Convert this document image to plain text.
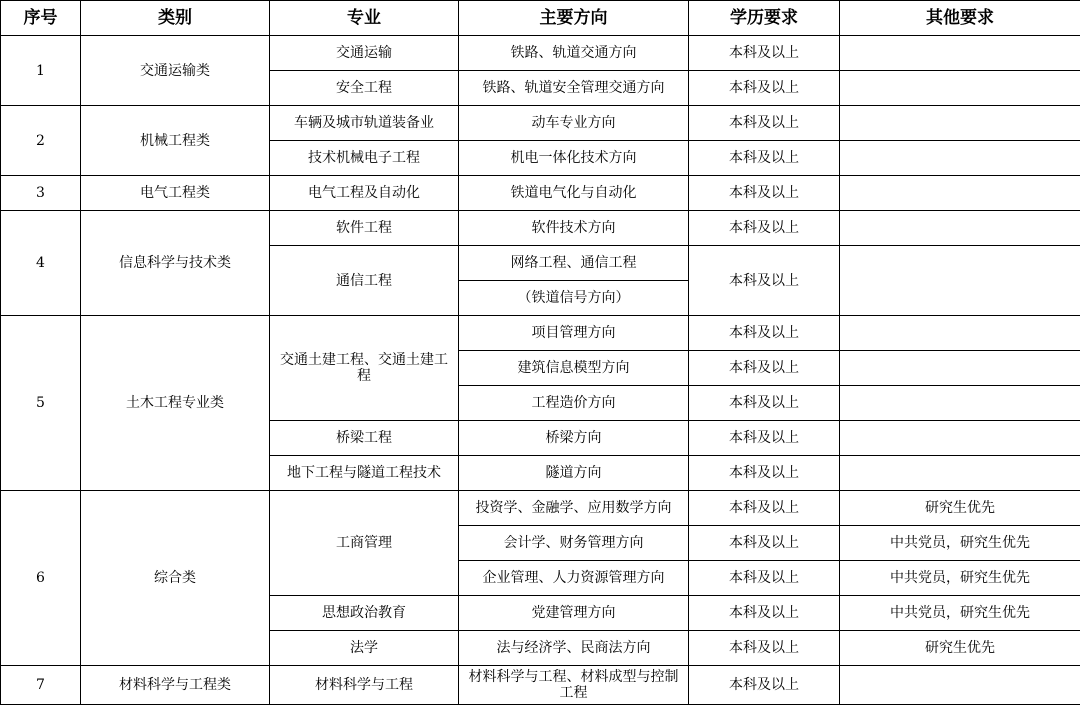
序号	类别	专业	主要方向	学历要求	其他要求
1	交通运输类	交通运输	铁路、轨道交通方向	本科及以上	
		安全工程	铁路、轨道安全管理交通方向	本科及以上	
2	机械工程类	车辆及城市轨道装备业	动车专业方向	本科及以上	
		技术机械电子工程	机电一体化技术方向	本科及以上	
3	电气工程类	电气工程及自动化	铁道电气化与自动化	本科及以上	
4	信息科学与技术类	软件工程	软件技术方向	本科及以上	
		通信工程	网络工程、通信工程	本科及以上	
			（铁道信号方向）		
5	土木工程专业类	交通土建工程、交通土建工程	项目管理方向	本科及以上	
			建筑信息模型方向	本科及以上	
			工程造价方向	本科及以上	
		桥梁工程	桥梁方向	本科及以上	
		地下工程与隧道工程技术	隧道方向	本科及以上	
6	综合类	工商管理	投资学、金融学、应用数学方向	本科及以上	研究生优先
			会计学、财务管理方向	本科及以上	中共党员，研究生优先
			企业管理、人力资源管理方向	本科及以上	中共党员，研究生优先
		思想政治教育	党建管理方向	本科及以上	中共党员，研究生优先
		法学	法与经济学、民商法方向	本科及以上	研究生优先
7	材料科学与工程类	材料科学与工程	材料科学与工程、材料成型与控制工程	本科及以上	
